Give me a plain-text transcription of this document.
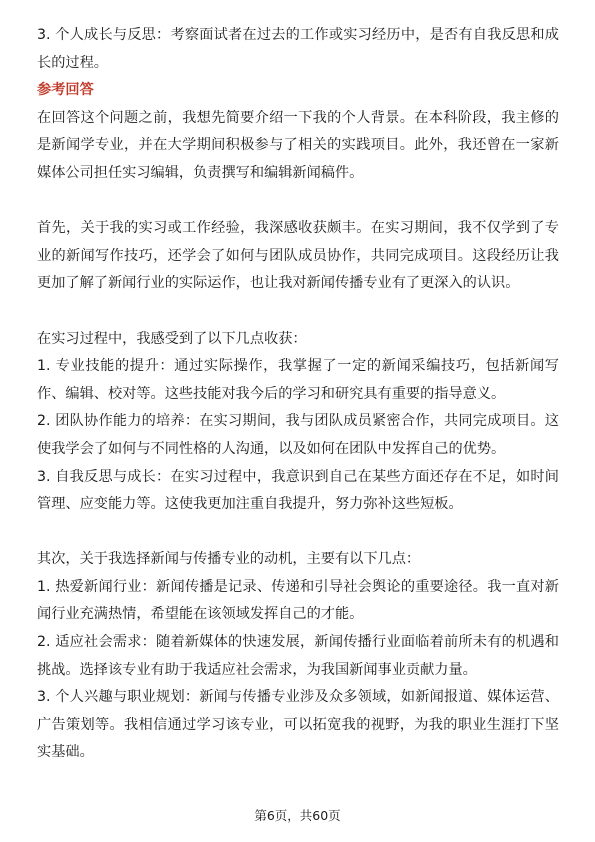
3. 个人成长与反思：考察面试者在过去的工作或实习经历中，是否有自我反思和成长的过程。

参考回答

在回答这个问题之前，我想先简要介绍一下我的个人背景。在本科阶段，我主修的是新闻学专业，并在大学期间积极参与了相关的实践项目。此外，我还曾在一家新媒体公司担任实习编辑，负责撰写和编辑新闻稿件。

首先，关于我的实习或工作经验，我深感收获颇丰。在实习期间，我不仅学到了专业的新闻写作技巧，还学会了如何与团队成员协作，共同完成项目。这段经历让我更加了解了新闻行业的实际运作，也让我对新闻传播专业有了更深入的认识。

在实习过程中，我感受到了以下几点收获：

1. 专业技能的提升：通过实际操作，我掌握了一定的新闻采编技巧，包括新闻写作、编辑、校对等。这些技能对我今后的学习和研究具有重要的指导意义。

2. 团队协作能力的培养：在实习期间，我与团队成员紧密合作，共同完成项目。这使我学会了如何与不同性格的人沟通，以及如何在团队中发挥自己的优势。

3. 自我反思与成长：在实习过程中，我意识到自己在某些方面还存在不足，如时间管理、应变能力等。这使我更加注重自我提升，努力弥补这些短板。

其次，关于我选择新闻与传播专业的动机，主要有以下几点：

1. 热爱新闻行业：新闻传播是记录、传递和引导社会舆论的重要途径。我一直对新闻行业充满热情，希望能在该领域发挥自己的才能。

2. 适应社会需求：随着新媒体的快速发展，新闻传播行业面临着前所未有的机遇和挑战。选择该专业有助于我适应社会需求，为我国新闻事业贡献力量。

3. 个人兴趣与职业规划：新闻与传播专业涉及众多领域，如新闻报道、媒体运营、广告策划等。我相信通过学习该专业，可以拓宽我的视野，为我的职业生涯打下坚实基础。

第6页，共60页
